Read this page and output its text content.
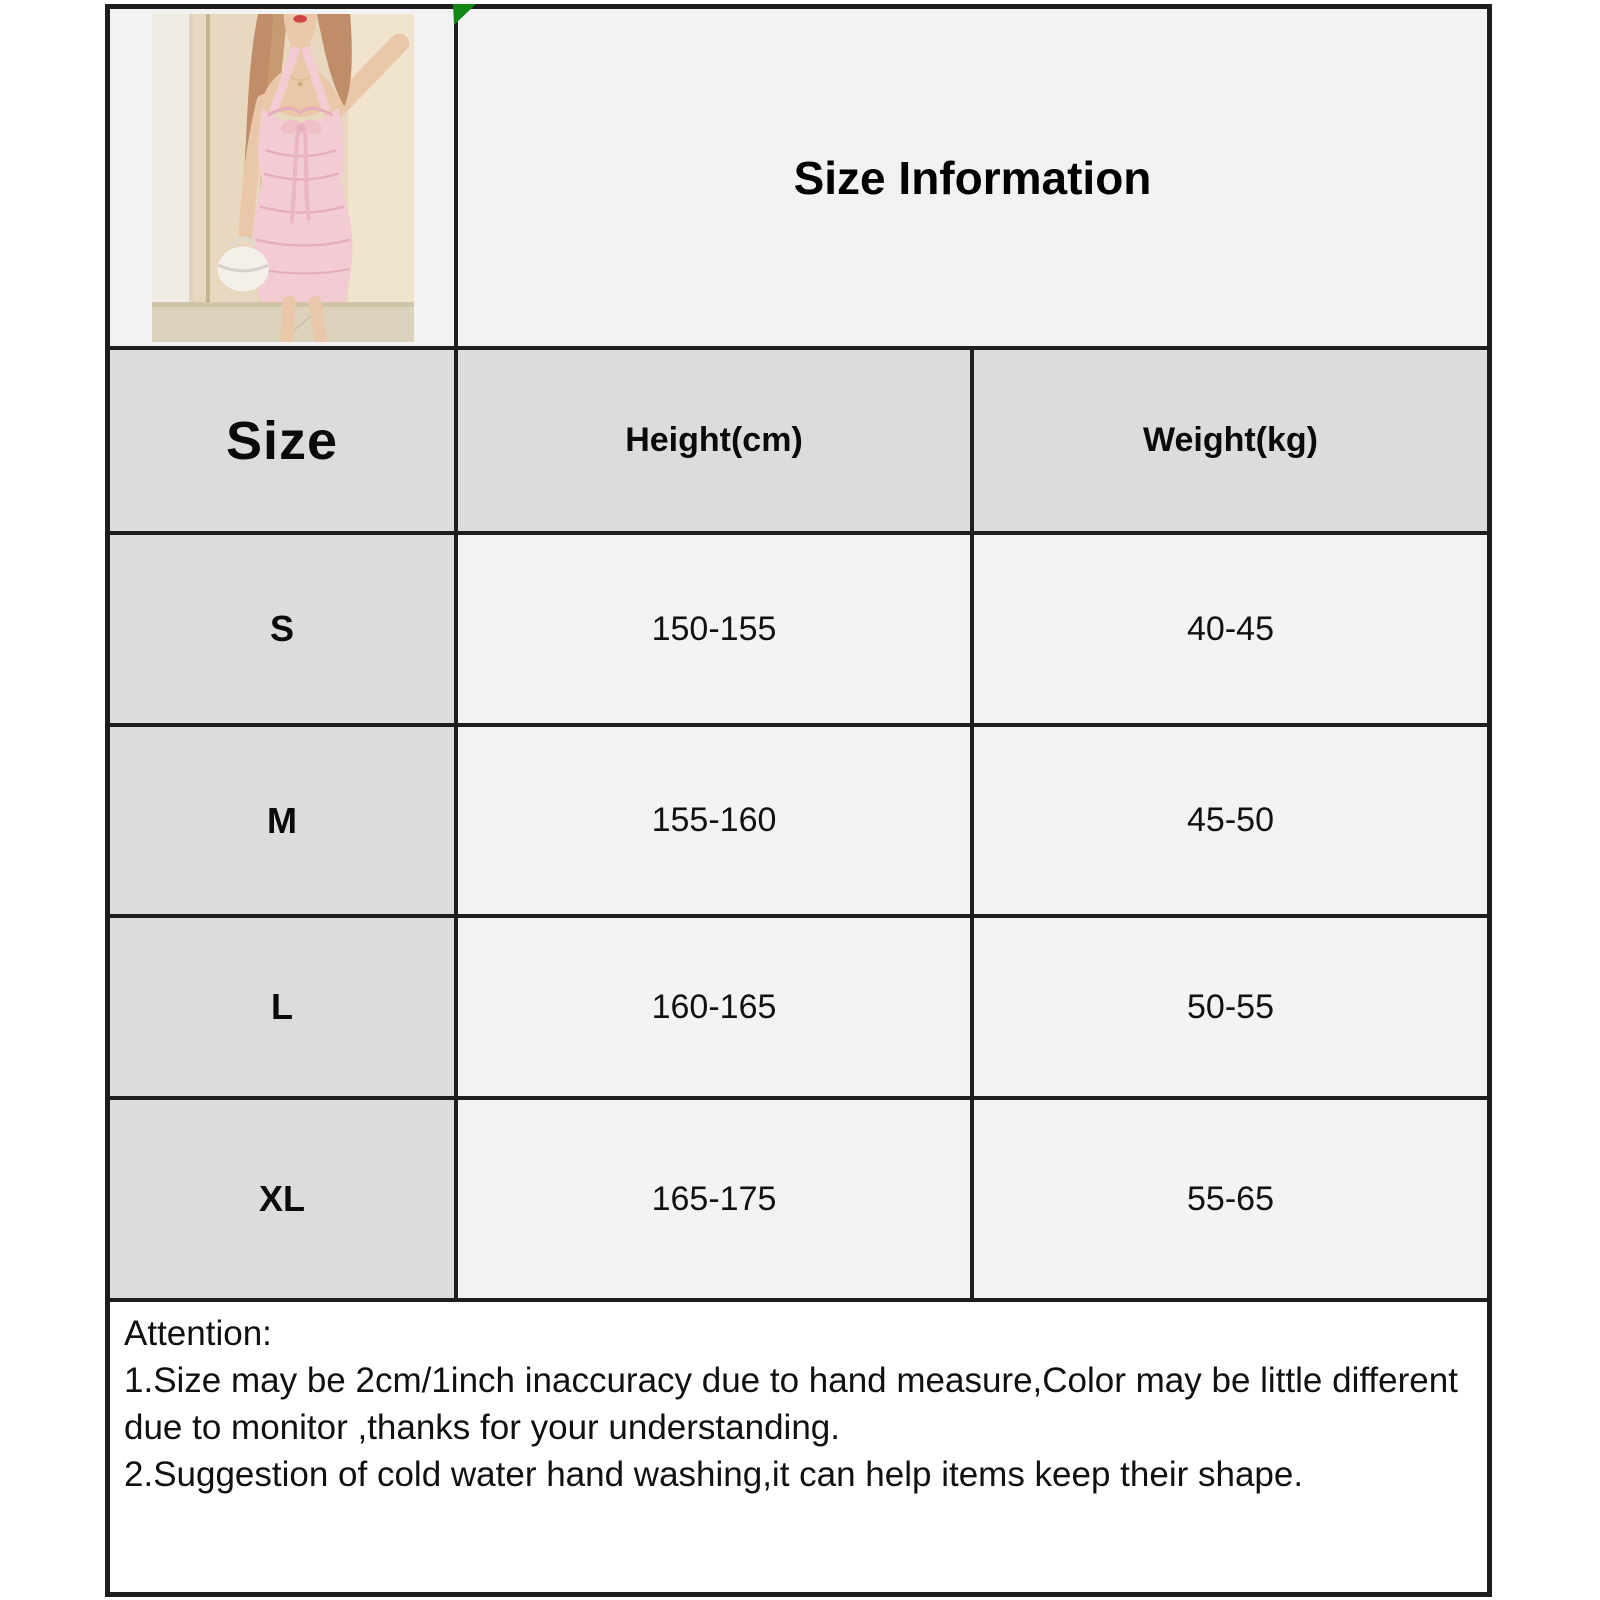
Size Information
Size	Height(cm)	Weight(kg)
S	150-155	40-45
M	155-160	45-50
L	160-165	50-55
XL	165-175	55-65

Attention:

1.Size may be 2cm/1inch inaccuracy due to hand measure,Color may be little different due to monitor ,thanks for your understanding.

2.Suggestion of cold water hand washing,it can help items keep their shape.
